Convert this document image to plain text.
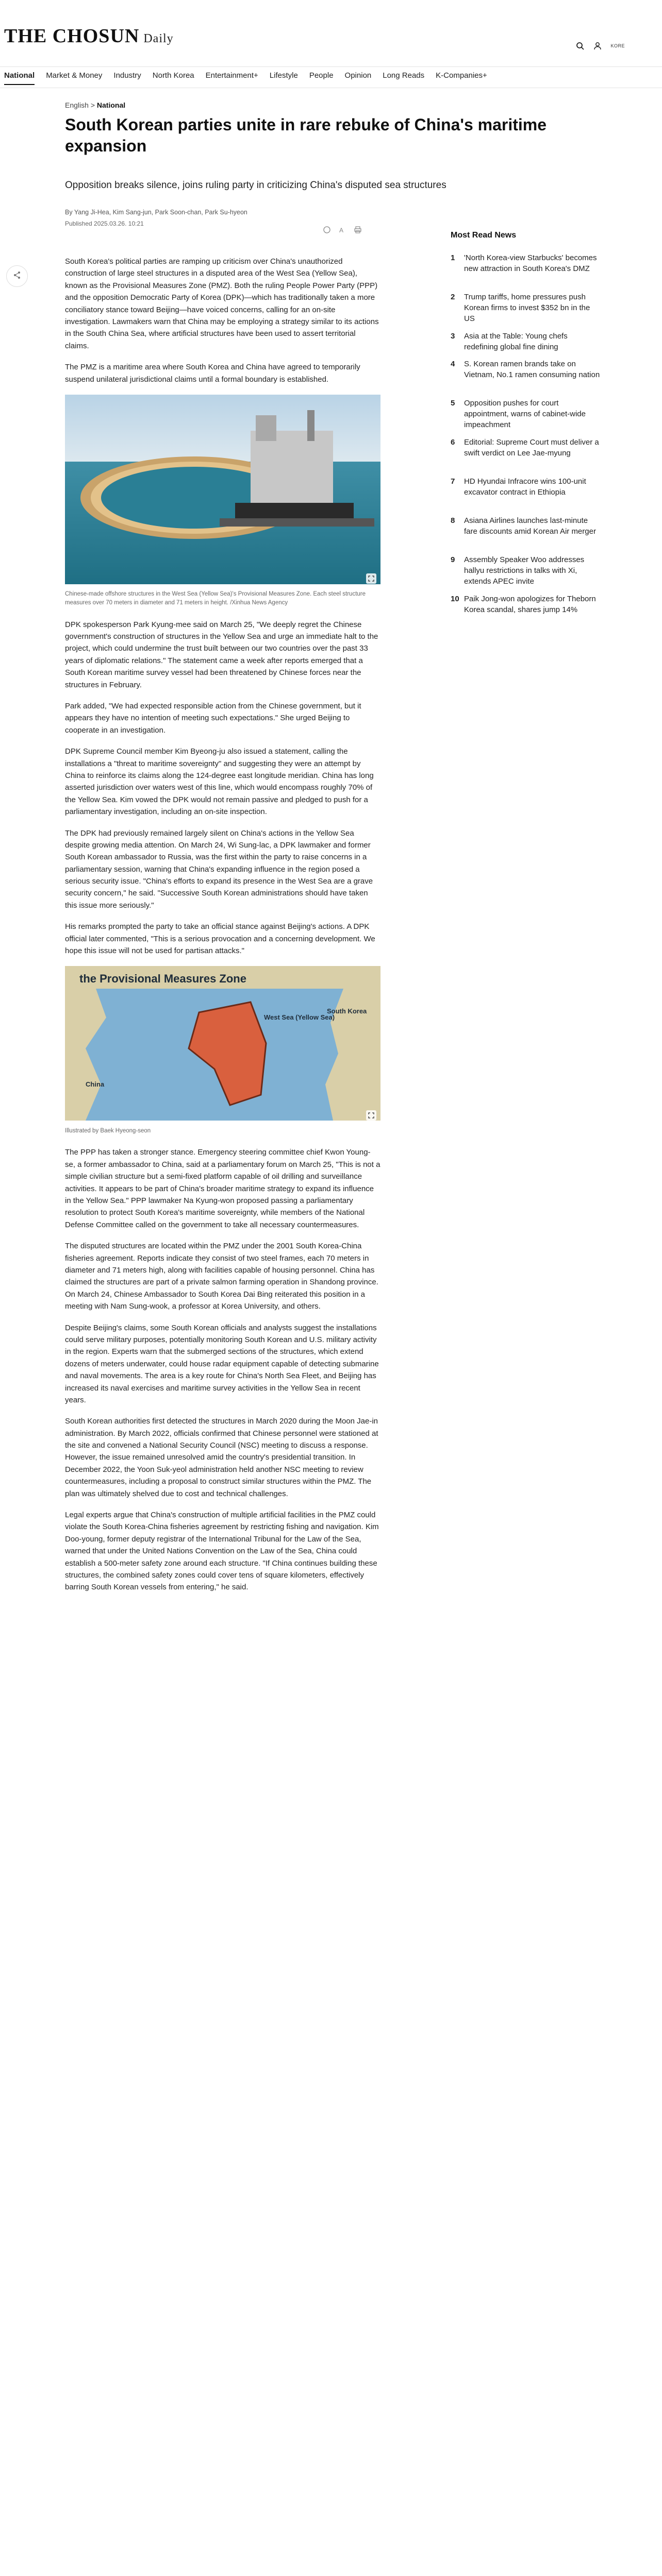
THE CHOSUN Daily
KORE
National Market & Money Industry North Korea Entertainment+ Lifestyle People Opinion Long Reads K-Companies+
English > National
South Korean parties unite in rare rebuke of China's maritime expansion
Opposition breaks silence, joins ruling party in criticizing China's disputed sea structures
By Yang Ji-Hea, Kim Sang-jun, Park Soon-chan, Park Su-hyeon
Published 2025.03.26. 10:21
A

South Korea's political parties are ramping up criticism over China's unauthorized construction of large steel structures in a disputed area of the West Sea (Yellow Sea), known as the Provisional Measures Zone (PMZ). Both the ruling People Power Party (PPP) and the opposition Democratic Party of Korea (DPK)—which has traditionally taken a more conciliatory stance toward Beijing—have voiced concerns, calling for an on-site investigation. Lawmakers warn that China may be employing a strategy similar to its actions in the South China Sea, where artificial structures have been used to assert territorial claims.

The PMZ is a maritime area where South Korea and China have agreed to temporarily suspend unilateral jurisdictional claims until a formal boundary is established.

Chinese-made offshore structures in the West Sea (Yellow Sea)'s Provisional Measures Zone. Each steel structure measures over 70 meters in diameter and 71 meters in height. /Xinhua News Agency

DPK spokesperson Park Kyung-mee said on March 25, "We deeply regret the Chinese government's construction of structures in the Yellow Sea and urge an immediate halt to the project, which could undermine the trust built between our two countries over the past 33 years of diplomatic relations." The statement came a week after reports emerged that a South Korean maritime survey vessel had been threatened by Chinese forces near the structures in February.

Park added, "We had expected responsible action from the Chinese government, but it appears they have no intention of meeting such expectations." She urged Beijing to cooperate in an investigation.

DPK Supreme Council member Kim Byeong-ju also issued a statement, calling the installations a "threat to maritime sovereignty" and suggesting they were an attempt by China to reinforce its claims along the 124-degree east longitude meridian. China has long asserted jurisdiction over waters west of this line, which would encompass roughly 70% of the Yellow Sea. Kim vowed the DPK would not remain passive and pledged to push for a parliamentary investigation, including an on-site inspection.

The DPK had previously remained largely silent on China's actions in the Yellow Sea despite growing media attention. On March 24, Wi Sung-lac, a DPK lawmaker and former South Korean ambassador to Russia, was the first within the party to raise concerns in a parliamentary session, warning that China's expanding influence in the region posed a serious security issue. "China's efforts to expand its presence in the West Sea are a grave security concern," he said. "Successive South Korean administrations should have taken this issue more seriously."

His remarks prompted the party to take an official stance against Beijing's actions. A DPK official later commented, "This is a serious provocation and a concerning development. We hope this issue will not be used for partisan attacks."

the Provisional Measures Zone
West Sea (Yellow Sea)
South Korea
China
Illustrated by Baek Hyeong-seon

The PPP has taken a stronger stance. Emergency steering committee chief Kwon Young-se, a former ambassador to China, said at a parliamentary forum on March 25, "This is not a simple civilian structure but a semi-fixed platform capable of oil drilling and surveillance activities. It appears to be part of China's broader maritime strategy to expand its influence in the Yellow Sea." PPP lawmaker Na Kyung-won proposed passing a parliamentary resolution to protect South Korea's maritime sovereignty, while members of the National Defense Committee called on the government to take all necessary countermeasures.

The disputed structures are located within the PMZ under the 2001 South Korea-China fisheries agreement. Reports indicate they consist of two steel frames, each 70 meters in diameter and 71 meters high, along with facilities capable of housing personnel. China has claimed the structures are part of a private salmon farming operation in Shandong province. On March 24, Chinese Ambassador to South Korea Dai Bing reiterated this position in a meeting with Nam Sung-wook, a professor at Korea University, and others.

Despite Beijing's claims, some South Korean officials and analysts suggest the installations could serve military purposes, potentially monitoring South Korean and U.S. military activity in the region. Experts warn that the submerged sections of the structures, which extend dozens of meters underwater, could house radar equipment capable of detecting submarine and naval movements. The area is a key route for China's North Sea Fleet, and Beijing has increased its naval exercises and maritime survey activities in the Yellow Sea in recent years.

South Korean authorities first detected the structures in March 2020 during the Moon Jae-in administration. By March 2022, officials confirmed that Chinese personnel were stationed at the site and convened a National Security Council (NSC) meeting to discuss a response. However, the issue remained unresolved amid the country's presidential transition. In December 2022, the Yoon Suk-yeol administration held another NSC meeting to review countermeasures, including a proposal to construct similar structures within the PMZ. The plan was ultimately shelved due to cost and technical challenges.

Legal experts argue that China's construction of multiple artificial facilities in the PMZ could violate the South Korea-China fisheries agreement by restricting fishing and navigation. Kim Doo-young, former deputy registrar of the International Tribunal for the Law of the Sea, warned that under the United Nations Convention on the Law of the Sea, China could establish a 500-meter safety zone around each structure. "If China continues building these structures, the combined safety zones could cover tens of square kilometers, effectively barring South Korean vessels from entering," he said.

Most Read News
1	'North Korea-view Starbucks' becomes new attraction in South Korea's DMZ
2	Trump tariffs, home pressures push Korean firms to invest $352 bn in the US
3	Asia at the Table: Young chefs redefining global fine dining
4	S. Korean ramen brands take on Vietnam, No.1 ramen consuming nation
5	Opposition pushes for court appointment, warns of cabinet-wide impeachment
6	Editorial: Supreme Court must deliver a swift verdict on Lee Jae-myung
7	HD Hyundai Infracore wins 100-unit excavator contract in Ethiopia
8	Asiana Airlines launches last-minute fare discounts amid Korean Air merger
9	Assembly Speaker Woo addresses hallyu restrictions in talks with Xi, extends APEC invite
10 Paik Jong-won apologizes for Theborn Korea scandal, shares jump 14%
